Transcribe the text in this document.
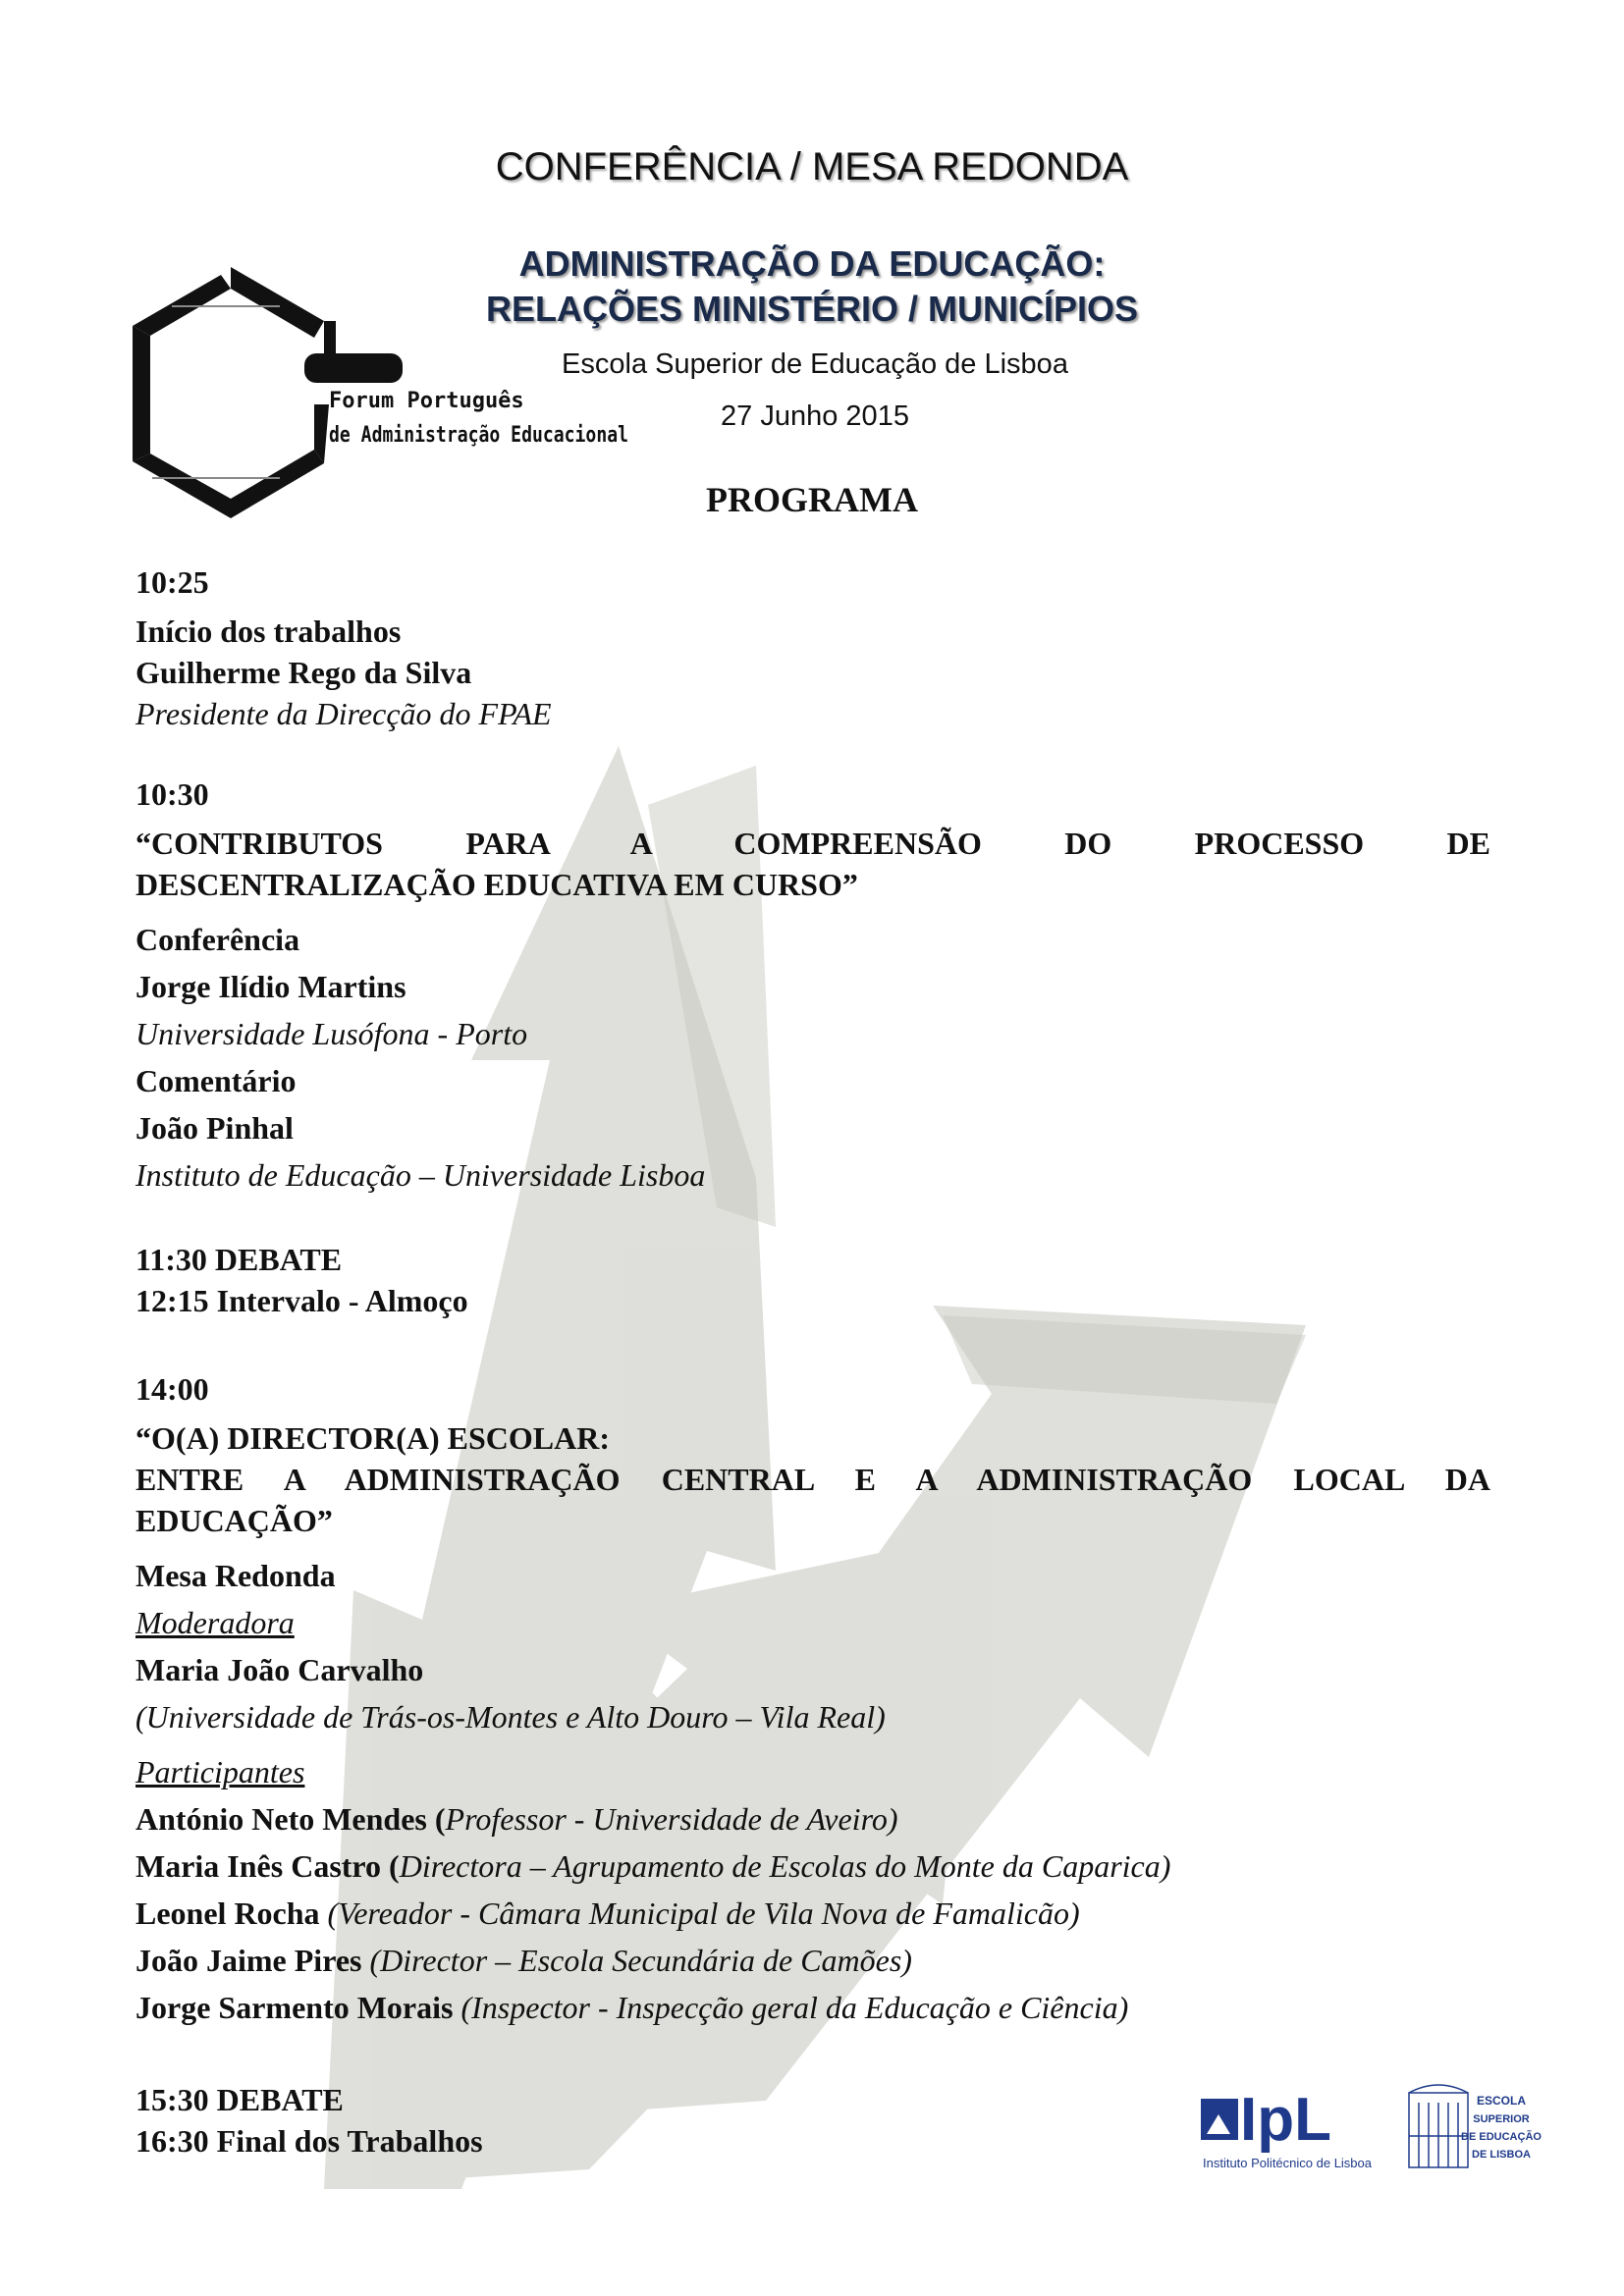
Forum Português
de Administração Educacional
CONFERÊNCIA / MESA REDONDA
ADMINISTRAÇÃO DA EDUCAÇÃO:
RELAÇÕES MINISTÉRIO / MUNICÍPIOS
Escola Superior de Educação de Lisboa
27 Junho 2015
PROGRAMA

10:25

Início dos trabalhos

Guilherme Rego da Silva

Presidente da Direcção do FPAE

10:30

“CONTRIBUTOS PARA A COMPREENSÃO DO PROCESSO DE

DESCENTRALIZAÇÃO EDUCATIVA EM CURSO”

Conferência

Jorge Ilídio Martins

Universidade Lusófona - Porto

Comentário

João Pinhal

Instituto de Educação – Universidade Lisboa

11:30 DEBATE

12:15 Intervalo - Almoço

14:00

“O(A) DIRECTOR(A) ESCOLAR:

ENTRE A ADMINISTRAÇÃO CENTRAL E A ADMINISTRAÇÃO LOCAL DA

EDUCAÇÃO”

Mesa Redonda

Moderadora

Maria João Carvalho

(Universidade de Trás-os-Montes e Alto Douro – Vila Real)

Participantes

António Neto Mendes (Professor - Universidade de Aveiro)

Maria Inês Castro (Directora – Agrupamento de Escolas do Monte da Caparica)

Leonel Rocha (Vereador - Câmara Municipal de Vila Nova de Famalicão)

João Jaime Pires (Director – Escola Secundária de Camões)

Jorge Sarmento Morais (Inspector - Inspecção geral da Educação e Ciência)

15:30 DEBATE

16:30 Final dos Trabalhos	IpL
Instituto Politécnico de Lisboa
ESCOLA
SUPERIOR
DE EDUCAÇÃO
DE LISBOA
